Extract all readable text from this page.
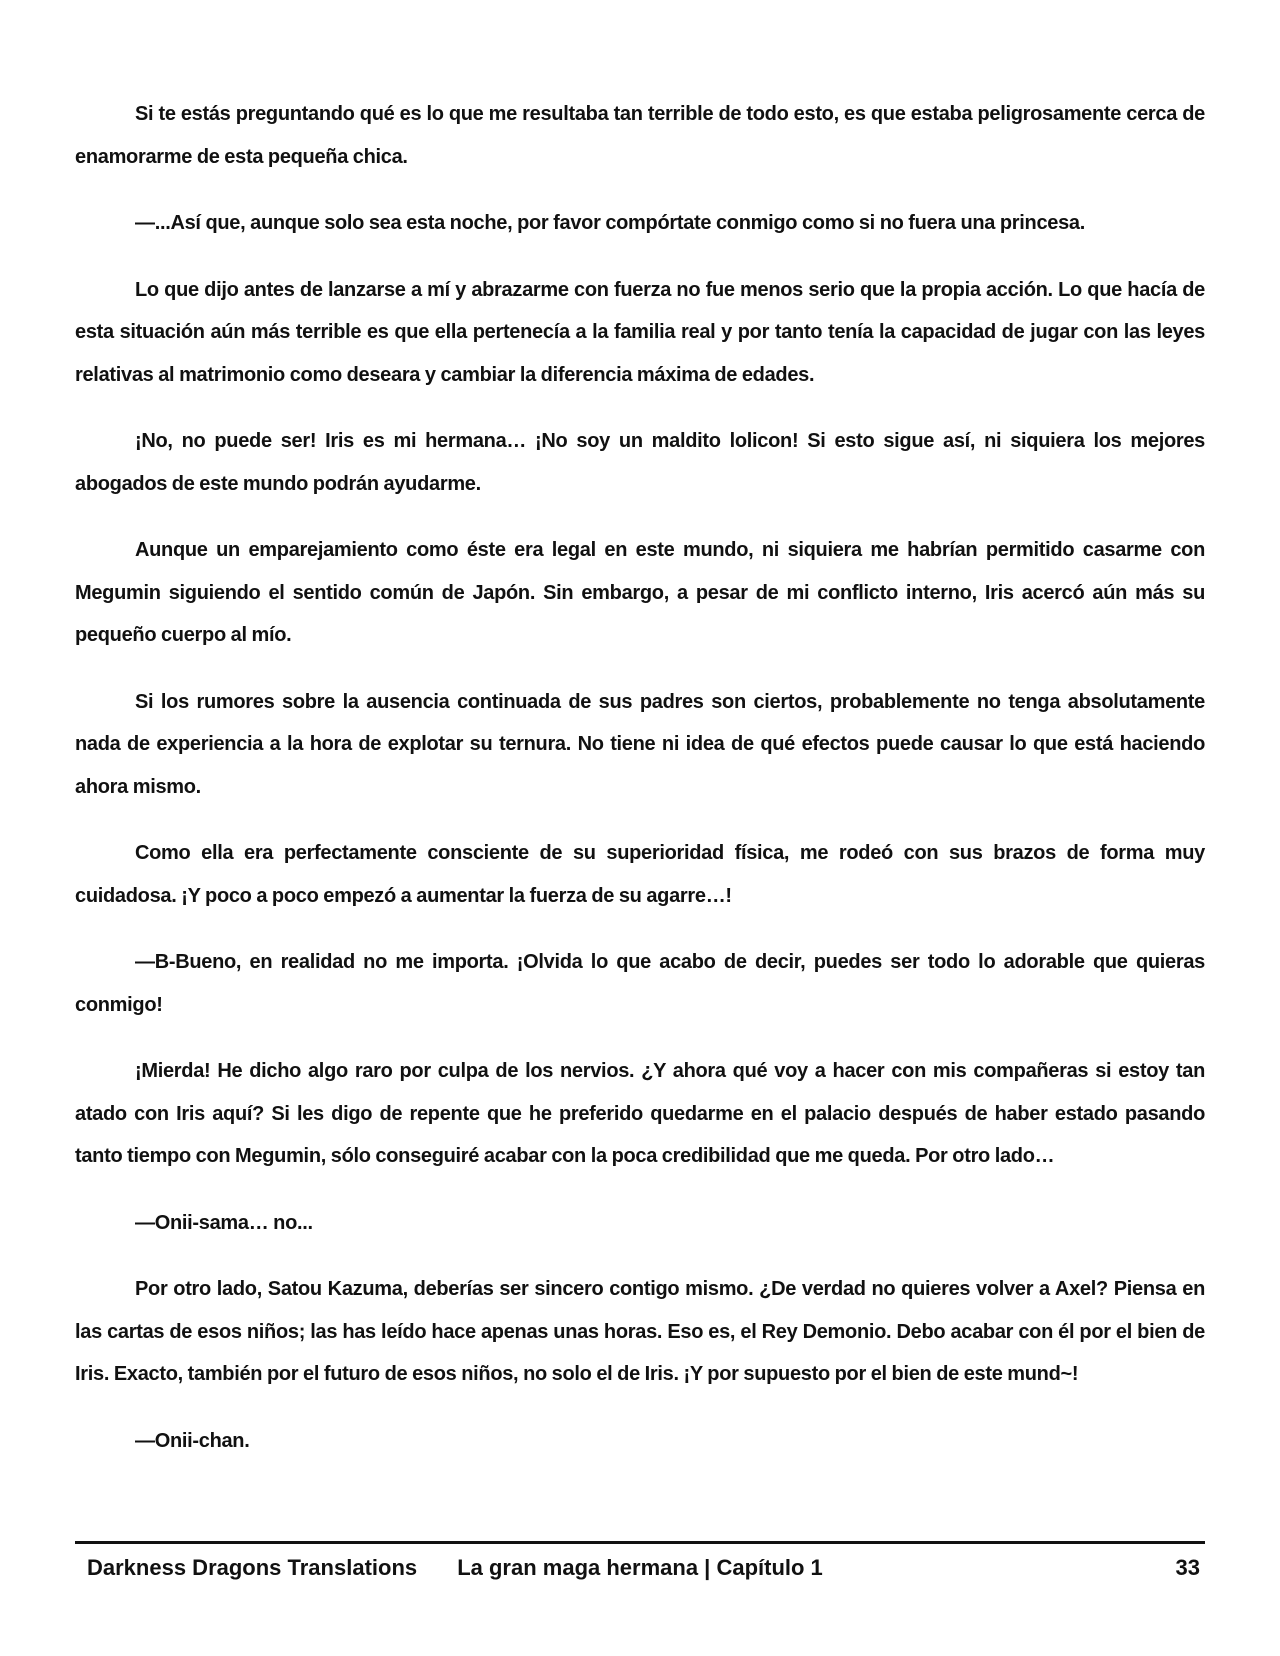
Si te estás preguntando qué es lo que me resultaba tan terrible de todo esto, es que estaba peligrosamente cerca de enamorarme de esta pequeña chica.

—...Así que, aunque solo sea esta noche, por favor compórtate conmigo como si no fuera una princesa.

Lo que dijo antes de lanzarse a mí y abrazarme con fuerza no fue menos serio que la propia acción. Lo que hacía de esta situación aún más terrible es que ella pertenecía a la familia real y por tanto tenía la capacidad de jugar con las leyes relativas al matrimonio como deseara y cambiar la diferencia máxima de edades.

¡No, no puede ser! Iris es mi hermana… ¡No soy un maldito lolicon! Si esto sigue así, ni siquiera los mejores abogados de este mundo podrán ayudarme.

Aunque un emparejamiento como éste era legal en este mundo, ni siquiera me habrían permitido casarme con Megumin siguiendo el sentido común de Japón. Sin embargo, a pesar de mi conflicto interno, Iris acercó aún más su pequeño cuerpo al mío.

Si los rumores sobre la ausencia continuada de sus padres son ciertos, probablemente no tenga absolutamente nada de experiencia a la hora de explotar su ternura. No tiene ni idea de qué efectos puede causar lo que está haciendo ahora mismo.

Como ella era perfectamente consciente de su superioridad física, me rodeó con sus brazos de forma muy cuidadosa. ¡Y poco a poco empezó a aumentar la fuerza de su agarre…!

—B-Bueno, en realidad no me importa. ¡Olvida lo que acabo de decir, puedes ser todo lo adorable que quieras conmigo!

¡Mierda! He dicho algo raro por culpa de los nervios. ¿Y ahora qué voy a hacer con mis compañeras si estoy tan atado con Iris aquí? Si les digo de repente que he preferido quedarme en el palacio después de haber estado pasando tanto tiempo con Megumin, sólo conseguiré acabar con la poca credibilidad que me queda. Por otro lado…

—Onii-sama… no...

Por otro lado, Satou Kazuma, deberías ser sincero contigo mismo. ¿De verdad no quieres volver a Axel? Piensa en las cartas de esos niños; las has leído hace apenas unas horas. Eso es, el Rey Demonio. Debo acabar con él por el bien de Iris. Exacto, también por el futuro de esos niños, no solo el de Iris. ¡Y por supuesto por el bien de este mund~!

—Onii-chan.

Darkness Dragons Translations	La gran maga hermana | Capítulo 1	33
